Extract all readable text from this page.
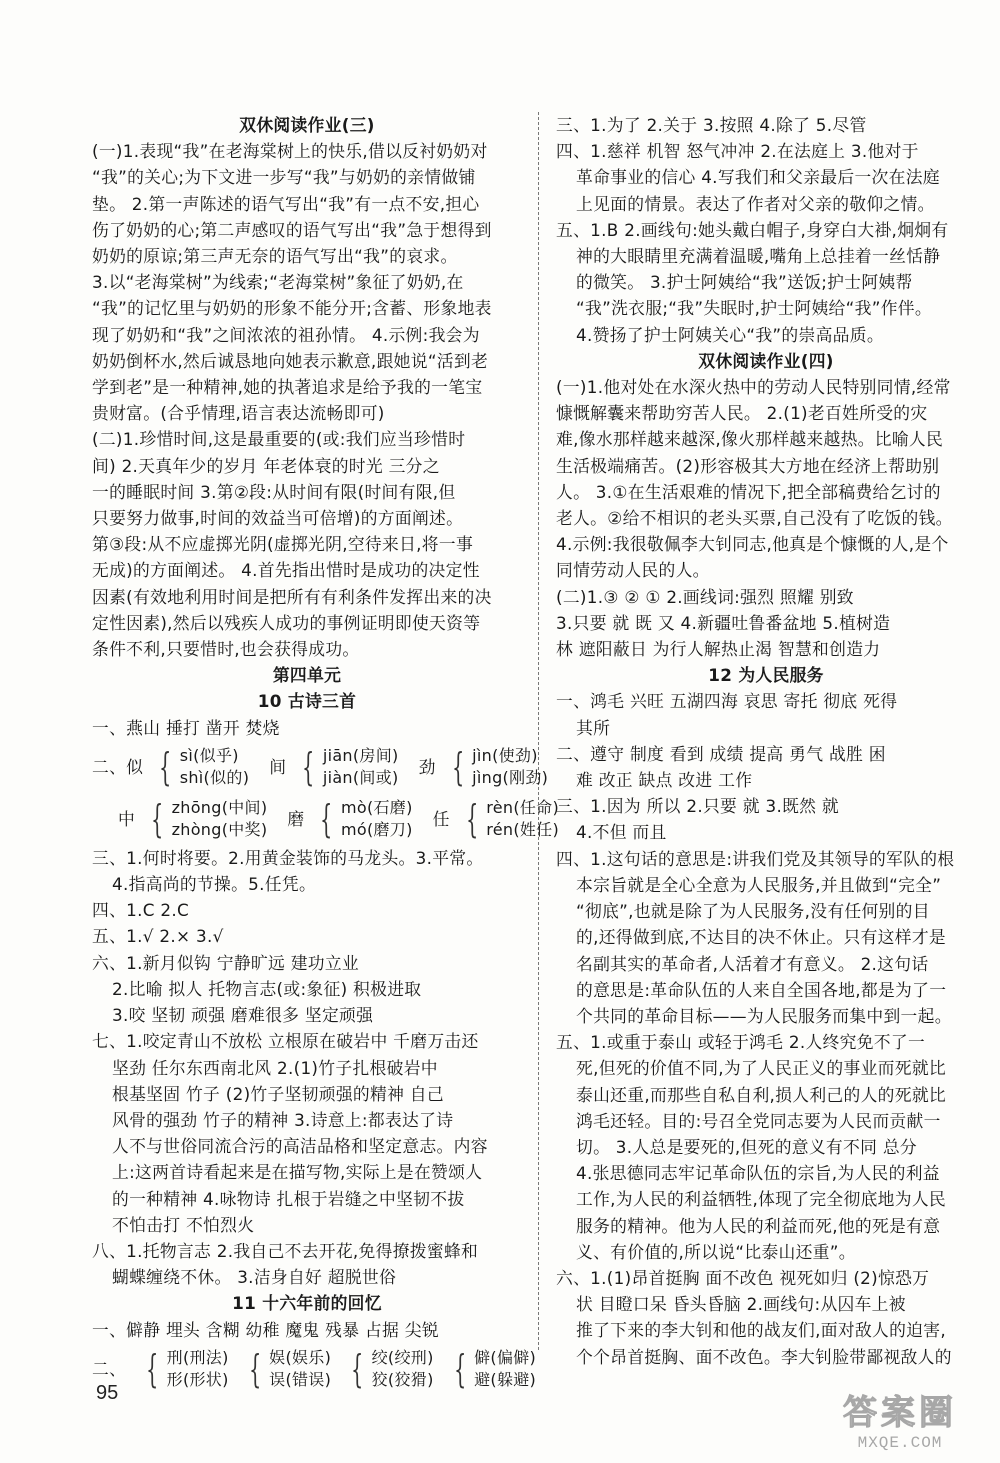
双休阅读作业(三)
(一)1.表现“我”在老海棠树上的快乐,借以反衬奶奶对
“我”的关心;为下文进一步写“我”与奶奶的亲情做铺
垫。 2.第一声陈述的语气写出“我”有一点不安,担心
伤了奶奶的心;第二声感叹的语气写出“我”急于想得到
奶奶的原谅;第三声无奈的语气写出“我”的哀求。
3.以“老海棠树”为线索;“老海棠树”象征了奶奶,在
“我”的记忆里与奶奶的形象不能分开;含蓄、形象地表
现了奶奶和“我”之间浓浓的祖孙情。 4.示例:我会为
奶奶倒杯水,然后诚恳地向她表示歉意,跟她说“活到老
学到老”是一种精神,她的执著追求是给予我的一笔宝
贵财富。(合乎情理,语言表达流畅即可)
(二)1.珍惜时间,这是最重要的(或:我们应当珍惜时
间) 2.天真年少的岁月 年老体衰的时光 三分之
一的睡眠时间 3.第②段:从时间有限(时间有限,但
只要努力做事,时间的效益当可倍增)的方面阐述。
第③段:从不应虚掷光阴(虚掷光阴,空待来日,将一事
无成)的方面阐述。 4.首先指出惜时是成功的决定性
因素(有效地利用时间是把所有有利条件发挥出来的决
定性因素),然后以残疾人成功的事例证明即使天资等
条件不利,只要惜时,也会获得成功。
第四单元
10 古诗三首
一、燕山 捶打 凿开 焚烧
二、似 { sì(似乎)
shì(似的)
间 { jiān(房间)
jiàn(间或)
劲 { jìn(使劲)
jìng(刚劲)
中 { zhōng(中间)
zhòng(中奖)
磨 { mò(石磨)
mó(磨刀)
任 { rèn(任命)
rén(姓任)
三、1.何时将要。2.用黄金装饰的马龙头。3.平常。
4.指高尚的节操。5.任凭。
四、1.C 2.C
五、1.√ 2.× 3.√
六、1.新月似钩 宁静旷远 建功立业
2.比喻 拟人 托物言志(或:象征) 积极进取
3.咬 坚韧 顽强 磨难很多 坚定顽强
七、1.咬定青山不放松 立根原在破岩中 千磨万击还
坚劲 任尔东西南北风 2.(1)竹子扎根破岩中
根基坚固 竹子 (2)竹子坚韧顽强的精神 自己
风骨的强劲 竹子的精神 3.诗意上:都表达了诗
人不与世俗同流合污的高洁品格和坚定意志。内容
上:这两首诗看起来是在描写物,实际上是在赞颂人
的一种精神 4.咏物诗 扎根于岩缝之中坚韧不拔
不怕击打 不怕烈火
八、1.托物言志 2.我自己不去开花,免得撩拨蜜蜂和
蝴蝶缠绕不休。 3.洁身自好 超脱世俗
11 十六年前的回忆
一、僻静 埋头 含糊 幼稚 魔鬼 残暴 占据 尖锐
二、 { 刑(刑法)
形(形状) { 娱(娱乐)
误(错误) { 绞(绞刑)
狡(狡猾) { 僻(偏僻)
避(躲避)
三、1.为了 2.关于 3.按照 4.除了 5.尽管
四、1.慈祥 机智 怒气冲冲 2.在法庭上 3.他对于
革命事业的信心 4.写我们和父亲最后一次在法庭
上见面的情景。表达了作者对父亲的敬仰之情。
五、1.B 2.画线句:她头戴白帽子,身穿白大褂,炯炯有
神的大眼睛里充满着温暖,嘴角上总挂着一丝恬静
的微笑。 3.护士阿姨给“我”送饭;护士阿姨帮
“我”洗衣服;“我”失眠时,护士阿姨给“我”作伴。
4.赞扬了护士阿姨关心“我”的崇高品质。
双休阅读作业(四)
(一)1.他对处在水深火热中的劳动人民特别同情,经常
慷慨解囊来帮助穷苦人民。 2.(1)老百姓所受的灾
难,像水那样越来越深,像火那样越来越热。比喻人民
生活极端痛苦。(2)形容极其大方地在经济上帮助别
人。 3.①在生活艰难的情况下,把全部稿费给乞讨的
老人。②给不相识的老头买票,自己没有了吃饭的钱。
4.示例:我很敬佩李大钊同志,他真是个慷慨的人,是个
同情劳动人民的人。
(二)1.③ ② ① 2.画线词:强烈 照耀 别致
3.只要 就 既 又 4.新疆吐鲁番盆地 5.植树造
林 遮阳蔽日 为行人解热止渴 智慧和创造力
12 为人民服务
一、鸿毛 兴旺 五湖四海 哀思 寄托 彻底 死得
其所
二、遵守 制度 看到 成绩 提高 勇气 战胜 困
难 改正 缺点 改进 工作
三、1.因为 所以 2.只要 就 3.既然 就
4.不但 而且
四、1.这句话的意思是:讲我们党及其领导的军队的根
本宗旨就是全心全意为人民服务,并且做到“完全”
“彻底”,也就是除了为人民服务,没有任何别的目
的,还得做到底,不达目的决不休止。只有这样才是
名副其实的革命者,人活着才有意义。 2.这句话
的意思是:革命队伍的人来自全国各地,都是为了一
个共同的革命目标——为人民服务而集中到一起。
五、1.或重于泰山 或轻于鸿毛 2.人终究免不了一
死,但死的价值不同,为了人民正义的事业而死就比
泰山还重,而那些自私自利,损人利己的人的死就比
鸿毛还轻。目的:号召全党同志要为人民而贡献一
切。 3.人总是要死的,但死的意义有不同 总分
4.张思德同志牢记革命队伍的宗旨,为人民的利益
工作,为人民的利益牺牲,体现了完全彻底地为人民
服务的精神。他为人民的利益而死,他的死是有意
义、有价值的,所以说“比泰山还重”。
六、1.(1)昂首挺胸 面不改色 视死如归 (2)惊恐万
状 目瞪口呆 昏头昏脑 2.画线句:从囚车上被
推了下来的李大钊和他的战友们,面对敌人的迫害,
个个昂首挺胸、面不改色。李大钊脸带鄙视敌人的
95	答案圈
MXQE.COM
